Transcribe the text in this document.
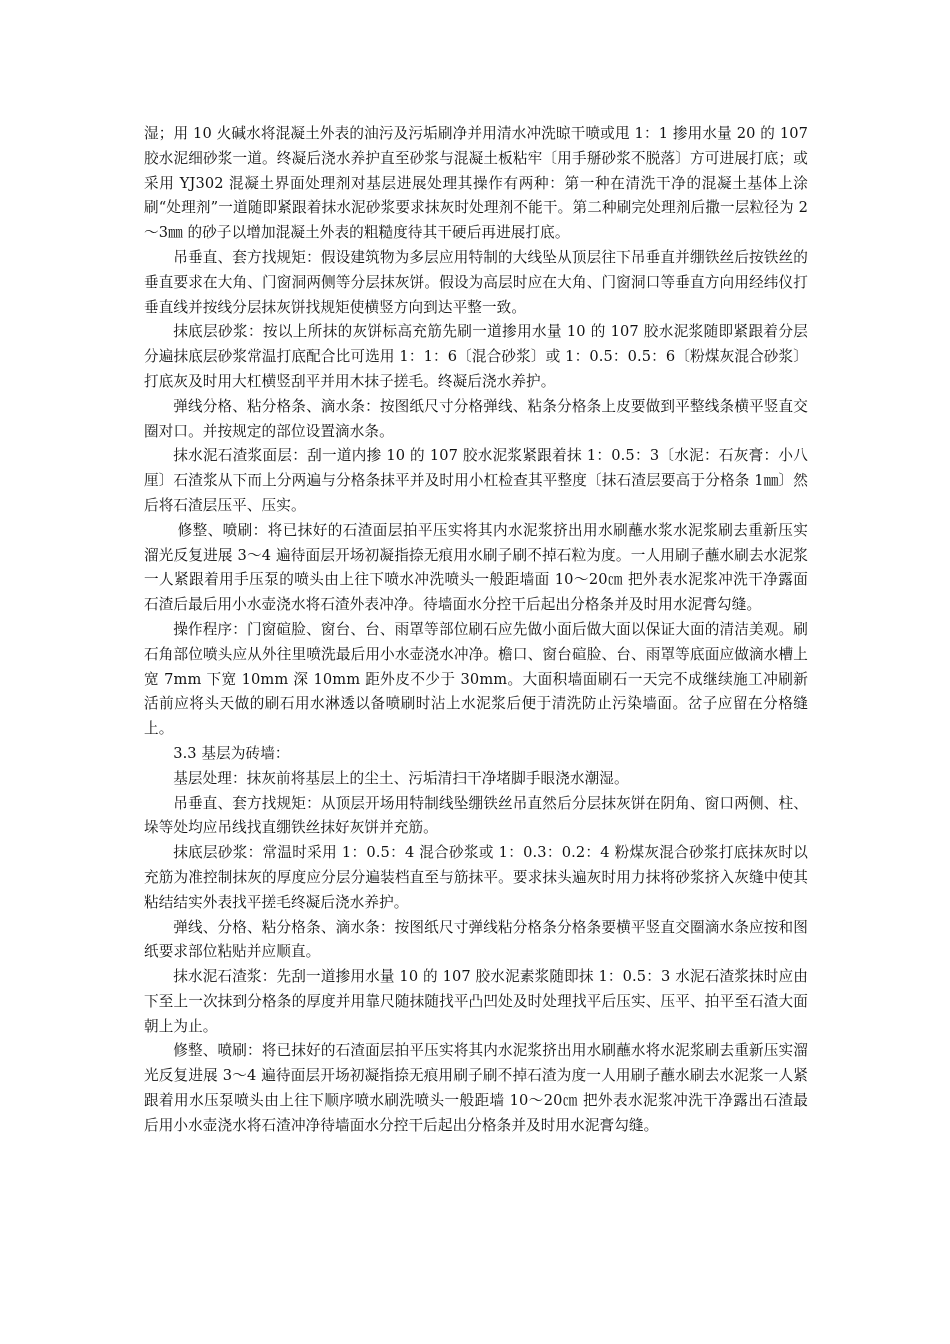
湿；用 10 火碱水将混凝土外表的油污及污垢刷净并用清水冲洗晾干喷或甩 1：1 掺用水量 20 的 107 胶水泥细砂浆一道。终凝后浇水养护直至砂浆与混凝土板粘牢〔用手掰砂浆不脱落〕方可进展打底；或采用 YJ302 混凝土界面处理剂对基层进展处理其操作有两种：第一种在清洗干净的混凝土基体上涂刷“处理剂”一道随即紧跟着抹水泥砂浆要求抹灰时处理剂不能干。第二种刷完处理剂后撒一层粒径为 2～3㎜ 的砂子以增加混凝土外表的粗糙度待其干硬后再进展打底。

吊垂直、套方找规矩：假设建筑物为多层应用特制的大线坠从顶层往下吊垂直并绷铁丝后按铁丝的垂直要求在大角、门窗洞两侧等分层抹灰饼。假设为高层时应在大角、门窗洞口等垂直方向用经纬仪打垂直线并按线分层抹灰饼找规矩使横竖方向到达平整一致。

抹底层砂浆：按以上所抹的灰饼标高充筋先刷一道掺用水量 10 的 107 胶水泥浆随即紧跟着分层分遍抹底层砂浆常温打底配合比可选用 1：1：6〔混合砂浆〕或 1：0.5：0.5：6〔粉煤灰混合砂浆〕打底灰及时用大杠横竖刮平并用木抹子搓毛。终凝后浇水养护。

弹线分格、粘分格条、滴水条：按图纸尺寸分格弹线、粘条分格条上皮要做到平整线条横平竖直交圈对口。并按规定的部位设置滴水条。

抹水泥石渣浆面层：刮一道内掺 10 的 107 胶水泥浆紧跟着抹 1：0.5：3〔水泥：石灰膏：小八厘〕石渣浆从下而上分两遍与分格条抹平并及时用小杠检查其平整度〔抹石渣层要高于分格条 1㎜〕然后将石渣层压平、压实。

修整、喷刷：将已抹好的石渣面层拍平压实将其内水泥浆挤出用水刷蘸水浆水泥浆刷去重新压实溜光反复进展 3～4 遍待面层开场初凝指捺无痕用水刷子刷不掉石粒为度。一人用刷子蘸水刷去水泥浆一人紧跟着用手压泵的喷头由上往下喷水冲洗喷头一般距墙面 10～20㎝ 把外表水泥浆冲洗干净露面石渣后最后用小水壶浇水将石渣外表冲净。待墙面水分控干后起出分格条并及时用水泥膏勾缝。

操作程序：门窗碹脸、窗台、台、雨罩等部位刷石应先做小面后做大面以保证大面的清洁美观。刷石角部位喷头应从外往里喷洗最后用小水壶浇水冲净。檐口、窗台碹脸、台、雨罩等底面应做滴水槽上宽 7mm 下宽 10mm 深 10mm 距外皮不少于 30mm。大面积墙面刷石一天完不成继续施工冲刷新活前应将头天做的刷石用水淋透以备喷刷时沾上水泥浆后便于清洗防止污染墙面。岔子应留在分格缝上。

3.3 基层为砖墙：

基层处理：抹灰前将基层上的尘土、污垢清扫干净堵脚手眼浇水潮湿。

吊垂直、套方找规矩：从顶层开场用特制线坠绷铁丝吊直然后分层抹灰饼在阴角、窗口两侧、柱、垛等处均应吊线找直绷铁丝抹好灰饼并充筋。

抹底层砂浆：常温时采用 1：0.5：4 混合砂浆或 1：0.3：0.2：4 粉煤灰混合砂浆打底抹灰时以充筋为准控制抹灰的厚度应分层分遍装档直至与筋抹平。要求抹头遍灰时用力抹将砂浆挤入灰缝中使其粘结结实外表找平搓毛终凝后浇水养护。

弹线、分格、粘分格条、滴水条：按图纸尺寸弹线粘分格条分格条要横平竖直交圈滴水条应按和图纸要求部位粘贴并应顺直。

抹水泥石渣浆：先刮一道掺用水量 10 的 107 胶水泥素浆随即抹 1：0.5：3 水泥石渣浆抹时应由下至上一次抹到分格条的厚度并用靠尺随抹随找平凸凹处及时处理找平后压实、压平、拍平至石渣大面朝上为止。

修整、喷刷：将已抹好的石渣面层拍平压实将其内水泥浆挤出用水刷蘸水将水泥浆刷去重新压实溜光反复进展 3～4 遍待面层开场初凝指捺无痕用刷子刷不掉石渣为度一人用刷子蘸水刷去水泥浆一人紧跟着用水压泵喷头由上往下顺序喷水刷洗喷头一般距墙 10～20㎝ 把外表水泥浆冲洗干净露出石渣最后用小水壶浇水将石渣冲净待墙面水分控干后起出分格条并及时用水泥膏勾缝。
